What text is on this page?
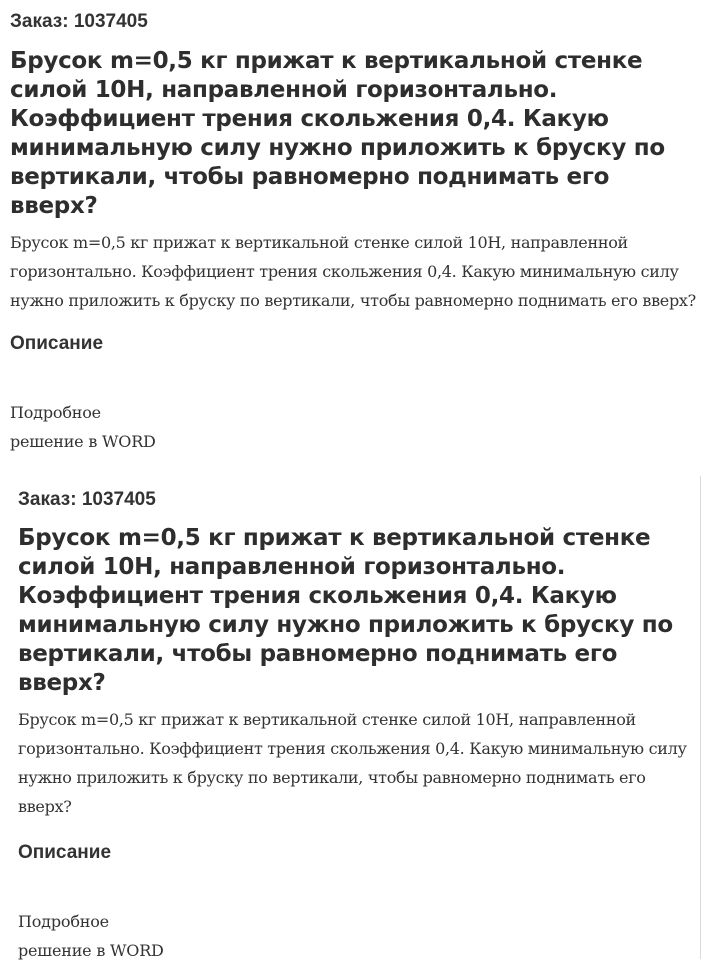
Заказ: 1037405
Брусок m=0,5 кг прижат к вертикальной стенке силой 10Н, направленной горизонтально. Коэффициент трения скольжения 0,4. Какую минимальную силу нужно приложить к бруску по вертикали, чтобы равномерно поднимать его вверх?
Брусок m=0,5 кг прижат к вертикальной стенке силой 10Н, направленной горизонтально. Коэффициент трения скольжения 0,4. Какую минимальную силу нужно приложить к бруску по вертикали, чтобы равномерно поднимать его вверх?
Описание
Подробное
решение в WORD
Заказ: 1037405
Брусок m=0,5 кг прижат к вертикальной стенке силой 10Н, направленной горизонтально. Коэффициент трения скольжения 0,4. Какую минимальную силу нужно приложить к бруску по вертикали, чтобы равномерно поднимать его вверх?
Брусок m=0,5 кг прижат к вертикальной стенке силой 10Н, направленной горизонтально. Коэффициент трения скольжения 0,4. Какую минимальную силу нужно приложить к бруску по вертикали, чтобы равномерно поднимать его вверх?
Описание
Подробное
решение в WORD
